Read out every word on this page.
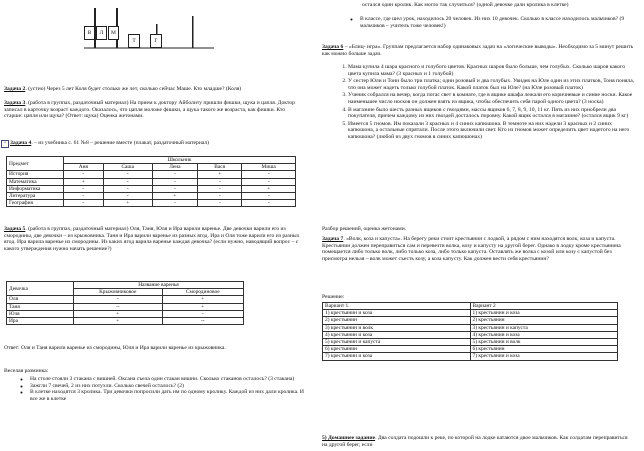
В	Л	М
Т	Г

Задача 2. (устно) Через 5 лет Коля будет столько же лет, сколько сейчас Маше. Кто младше? (Коля)

Задача 3. (работа в группах, раздаточный материал) На прием к доктору Айболиту пришли фишки, щука и цапля. Доктор записал в карточку возраст каждого. Оказалось, что цапля моложе фишки, а щука такого же возраста, как фишки. Кто старше: цапля или щука? (Ответ: щука) Оценка жетонами.

+ Задача 4. – из учебника с. 61 №8 – решение вместе (плакат, раздаточный материал)

Предмет	Школьник				
	Аня	Саша	Лена	Вася	Миша
История	-	-	-	+	-
Математика	+	-	-	-	-
Информатика	-	-	-	-	+
Литература	-	-	+	-	-
География	-	+	-	-	-

Задача 5. (работа в группах, раздаточный материал) Оля, Таня, Юля и Ира варили варенье. Две девочки варили его из смородины, две девочки – из крыжовника. Таня и Ира варили варенье из разных ягод. Ира и Оля тоже варили его из разных ягод. Ира варила варенье из смородины. Из каких ягод варила варенье каждая девочка? (если нужно, наводящий вопрос – с какого утверждения нужно начать решение?)

Девочка	Название варенья	
	Крыжовниковое	Смородиновое
Оля	-	+
Таня	--	+
Юля	+	-
Ира	+	--

Ответ: Оля и Таня варили варенье из смородины, Юля и Ира варили варенье из крыжовника.

Веселая разминка:

◦ На столе стояли 3 стакана с вишней. Оксана съела один стакан вишни. Сколько стаканов осталось? (3 стакана)
◦ Зажгли 7 свечей, 2 из них потухли. Сколько свечей осталось? (2)
◦ В клетке находятся 3 кролика. Три девочки попросили дать им по одному кролику. Каждой из них дали кролика. И все же в клетке

остался один кролик. Как могло так случиться? (одной девочке дали кролика в клетке)

◦ В классе, где шел урок, находилось 20 человек. Из них 10 девочек. Сколько в классе находилось мальчиков? (9 мальчиков – учитель тоже человек!)

Задача 6 – «Блиц- игра». Группам предлагается набор одинаковых задач на «логические выводы». Необходимо за 5 минут решить как можно больше задач.

1. Мама купила 4 шара красного и голубого цветов. Красных шаров было больше, чем голубых. Сколько шаров какого цвета купила мама? (3 красных и 1 голубой)
2. У сестер Юли и Тони было три платка; один розовый и два голубых. Увидев на Юле один из этих платков, Тоня поняла, что она может надеть только голубой платок. Какой платок был на Юле? (на Юле розовый платок)
3. Ученик собрался на вечер, когда погас свет в комнате, где в ящике шкафа лежали его коричневые и синие носки. Какое наименьшее число носков он должен взять из ящика, чтобы обеспечить себя парой одного цвета? (3 носка)
4. В магазине было шесть разных ящиков с гвоздями, массы ящиков 6, 7, 8, 9, 10, 11 кг. Пять из них приобрели два покупателя, причем каждому из них гвоздей досталось поровну. Какой ящик остался в магазине? (остался ящик 9 кг)
5. Имеется 5 гномов. Им показали 3 красных и 4 синих капюшона. В темноте на них надели 3 красных и 2 синих капюшона, а остальные спрятали. После этого включили свет. Кто из гномов может определить цвет надетого на него капюшона? (любой из двух гномов в синих капюшонах)

Разбор решений, оценка жетонами.

Задача 7. «Волк, коза и капуста». На берегу реки стоит крестьянин с лодкой, а рядом с ним находятся волк, коза и капуста. Крестьянин должен переправиться сам и перевезти волка, козу и капусту на другой берег. Однако в лодку кроме крестьянина помещается либо только волк, либо только коза, либо только капуста. Оставлять же волка с козой или козу с капустой без присмотра нельзя – волк может съесть козу, а коза капусту. Как должен вести себя крестьянин?

Решение:

Вариант 1.	Вариант 2
1) крестьянин и коза	1) крестьянин и коза
2) крестьянин	2) крестьянин
3) крестьянин и волк	3) крестьянин и капуста
4) крестьянин и коза	4) крестьянин и коза
5) крестьянин и капуста	5) крестьянин и волк
6) крестьянин	6) крестьянин
7) крестьянин и коза	7) крестьянин и коза

5) Домашнее задание. Два солдата подошли к реке, по которой на лодке катаются двое мальчиков. Как солдатам переправиться на другой берег, если
